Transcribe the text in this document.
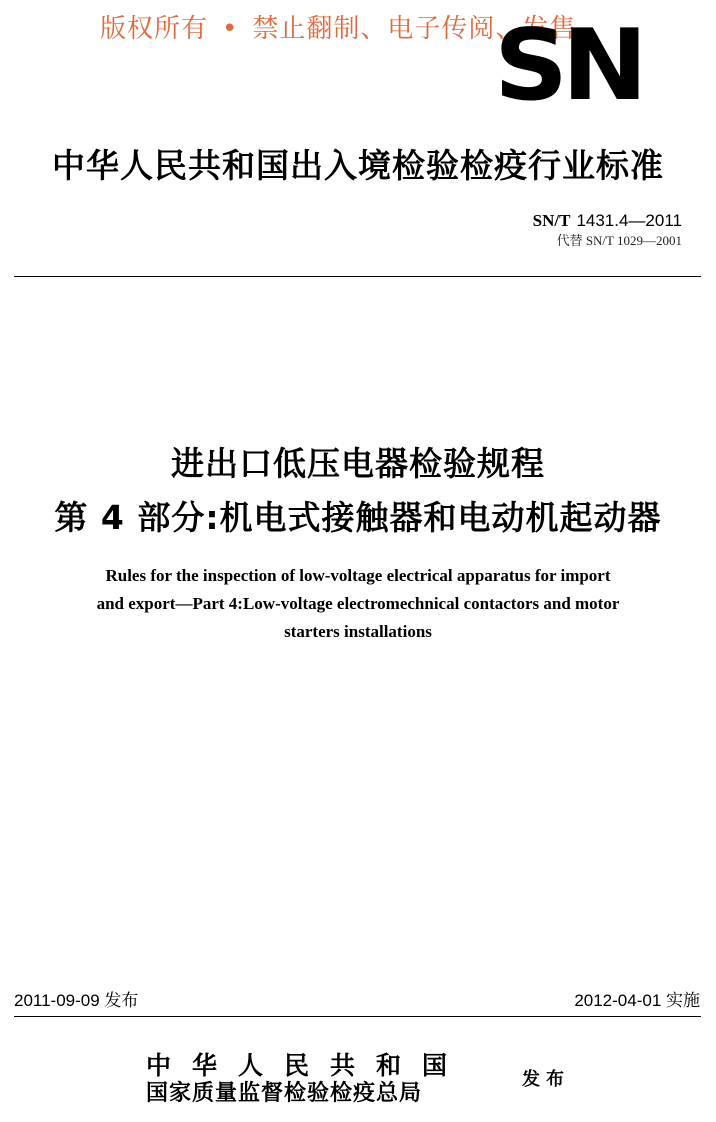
版权所有 • 禁止翻制、电子传阅、发售
SN
中华人民共和国出入境检验检疫行业标准
SN/T 1431.4—2011
代替 SN/T 1029—2001
进出口低压电器检验规程
第 4 部分:机电式接触器和电动机起动器
Rules for the inspection of low-voltage electrical apparatus for import
and export—Part 4:Low-voltage electromechnical contactors and motor
starters installations
2011-09-09 发布	2012-04-01 实施
中华人民共和国
国家质量监督检验检疫总局
发布
